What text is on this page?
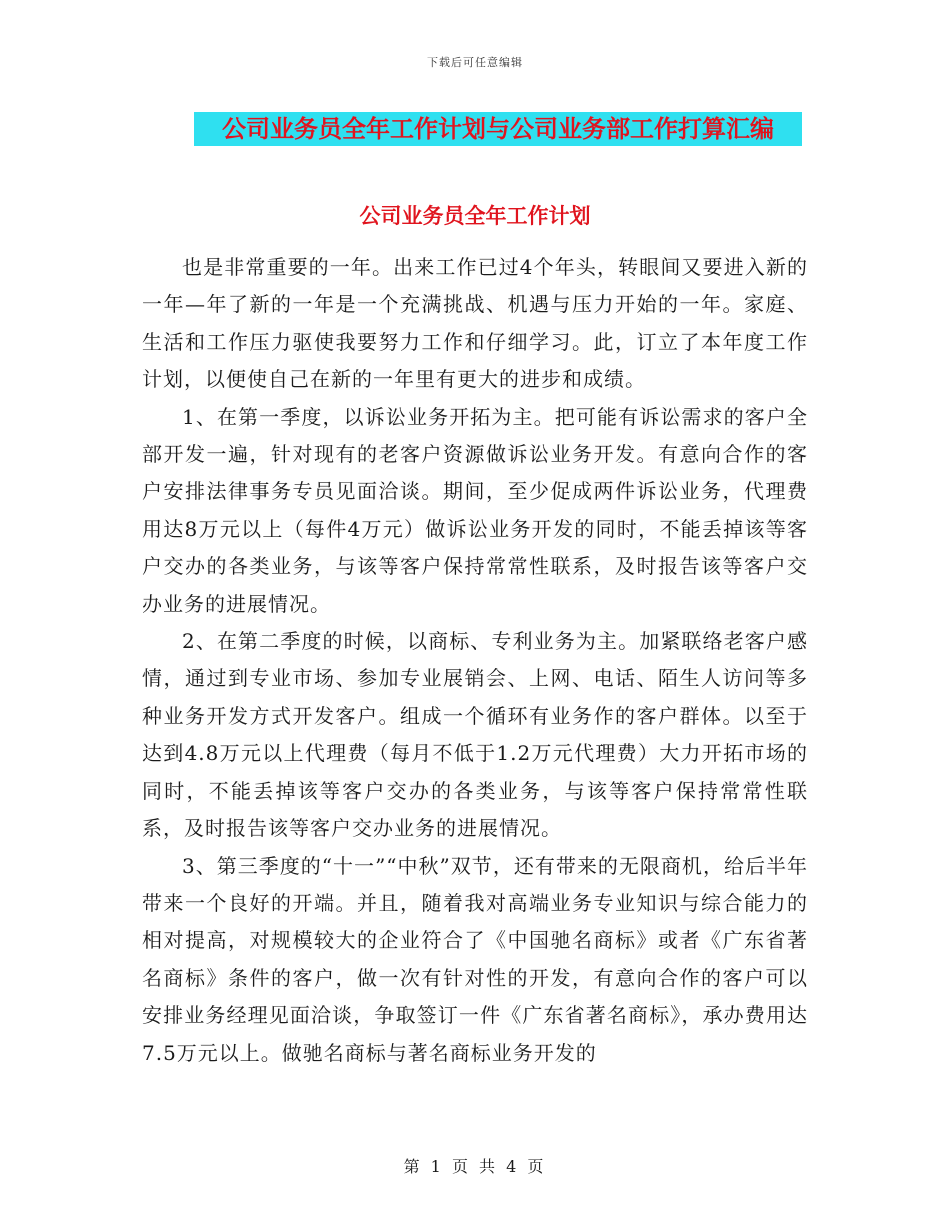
下载后可任意编辑
公司业务员全年工作计划与公司业务部工作打算汇编
公司业务员全年工作计划

也是非常重要的一年。出来工作已过4个年头，转眼间又要进入新的一年—年了新的一年是一个充满挑战、机遇与压力开始的一年。家庭、生活和工作压力驱使我要努力工作和仔细学习。此，订立了本年度工作计划，以便使自己在新的一年里有更大的进步和成绩。

1、在第一季度，以诉讼业务开拓为主。把可能有诉讼需求的客户全部开发一遍，针对现有的老客户资源做诉讼业务开发。有意向合作的客户安排法律事务专员见面洽谈。期间，至少促成两件诉讼业务，代理费用达8万元以上（每件4万元）做诉讼业务开发的同时，不能丢掉该等客户交办的各类业务，与该等客户保持常常性联系，及时报告该等客户交办业务的进展情况。

2、在第二季度的时候，以商标、专利业务为主。加紧联络老客户感情，通过到专业市场、参加专业展销会、上网、电话、陌生人访问等多种业务开发方式开发客户。组成一个循环有业务作的客户群体。以至于达到4.8万元以上代理费（每月不低于1.2万元代理费）大力开拓市场的同时，不能丢掉该等客户交办的各类业务，与该等客户保持常常性联系，及时报告该等客户交办业务的进展情况。

3、第三季度的“十一”“中秋”双节，还有带来的无限商机，给后半年带来一个良好的开端。并且，随着我对高端业务专业知识与综合能力的相对提高，对规模较大的企业符合了《中国驰名商标》或者《广东省著名商标》条件的客户，做一次有针对性的开发，有意向合作的客户可以安排业务经理见面洽谈，争取签订一件《广东省著名商标》，承办费用达7.5万元以上。做驰名商标与著名商标业务开发的

第 1 页 共 4 页
